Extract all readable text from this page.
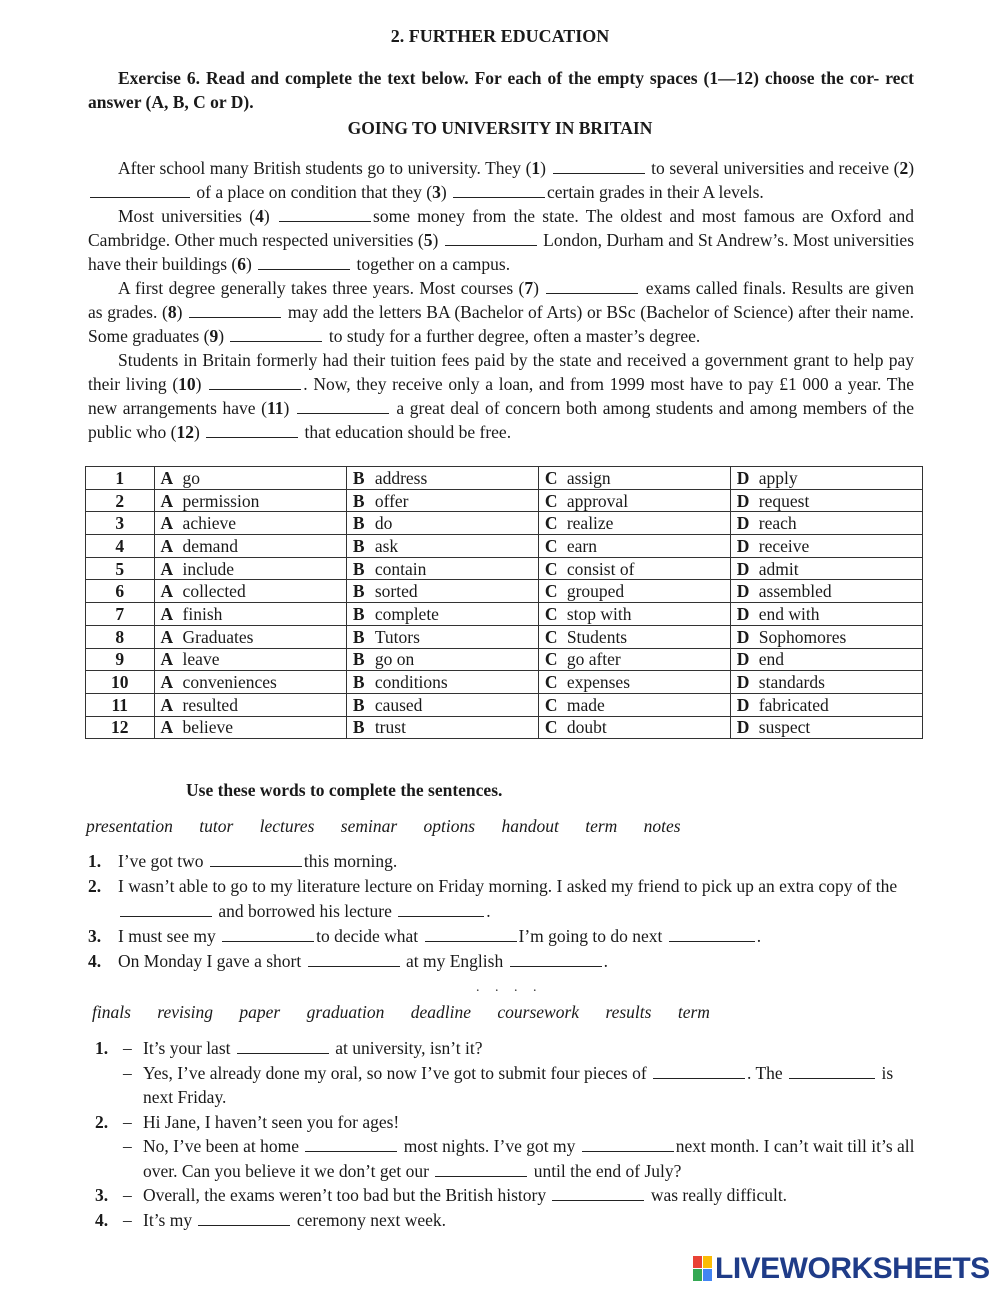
2. FURTHER EDUCATION
Exercise 6. Read and complete the text below. For each of the empty spaces (1—12) choose the cor- rect answer (A, B, C or D).
GOING TO UNIVERSITY IN BRITAIN

After school many British students go to university. They (1)	to several universities and receive (2)  of a place on condition that they (3)	certain grades in their A levels.

Most universities (4)	some money from the state. The oldest and most famous are Oxford and Cambridge. Other much respected universities (5)	London, Durham and St Andrew’s. Most universities have their buildings (6)	together on a campus.

A first degree generally takes three years. Most courses (7)	exams called finals. Results are given as grades. (8)	may add the letters BA (Bachelor of Arts) or BSc (Bachelor of Science) after their name. Some graduates (9)	to study for a further degree, often a master’s degree.

Students in Britain formerly had their tuition fees paid by the state and received a government grant to help pay their living (10)	. Now, they receive only a loan, and from 1999 most have to pay £1 000 a year. The new arrangements have (11)	a great deal of concern both among students and among members of the public who (12)	that education should be free.

1	A go	B address	C assign	D apply
2	A permission	B offer	C approval	D request
3	A achieve	B do	C realize	D reach
4	A demand	B ask	C earn	D receive
5	A include	B contain	C consist of	D admit
6	A collected	B sorted	C grouped	D assembled
7	A finish	B complete	C stop with	D end with
8	A Graduates	B Tutors	C Students	D Sophomores
9	A leave	B go on	C go after	D end
10	A conveniences	B conditions	C expenses	D standards
11	A resulted	B caused	C made	D fabricated
12	A believe	B trust	C doubt	D suspect
Use these words to complete the sentences.
presentation tutor lectures seminar options handout term notes
1. I’ve got two	this morning.
2. I wasn’t able to go to my literature lecture on Friday morning. I asked my friend to pick up an extra copy of the  and borrowed his lecture	.
3. I must see my	to decide what	I’m going to do next	.
4. On Monday I gave a short	at my English	.
. . . .
finals revising paper graduation deadline coursework results term
1. – It’s your last	at university, isn’t it?
– Yes, I’ve already done my oral, so now I’ve got to submit four pieces of	. The	is next Friday.
2. – Hi Jane, I haven’t seen you for ages!
– No, I’ve been at home	most nights. I’ve got my	next month. I can’t wait till it’s all over. Can you believe it we don’t get our	until the end of July?
3. – Overall, the exams weren’t too bad but the British history	was really difficult.
4. – It’s my	ceremony next week.
LIVEWORKSHEETS
